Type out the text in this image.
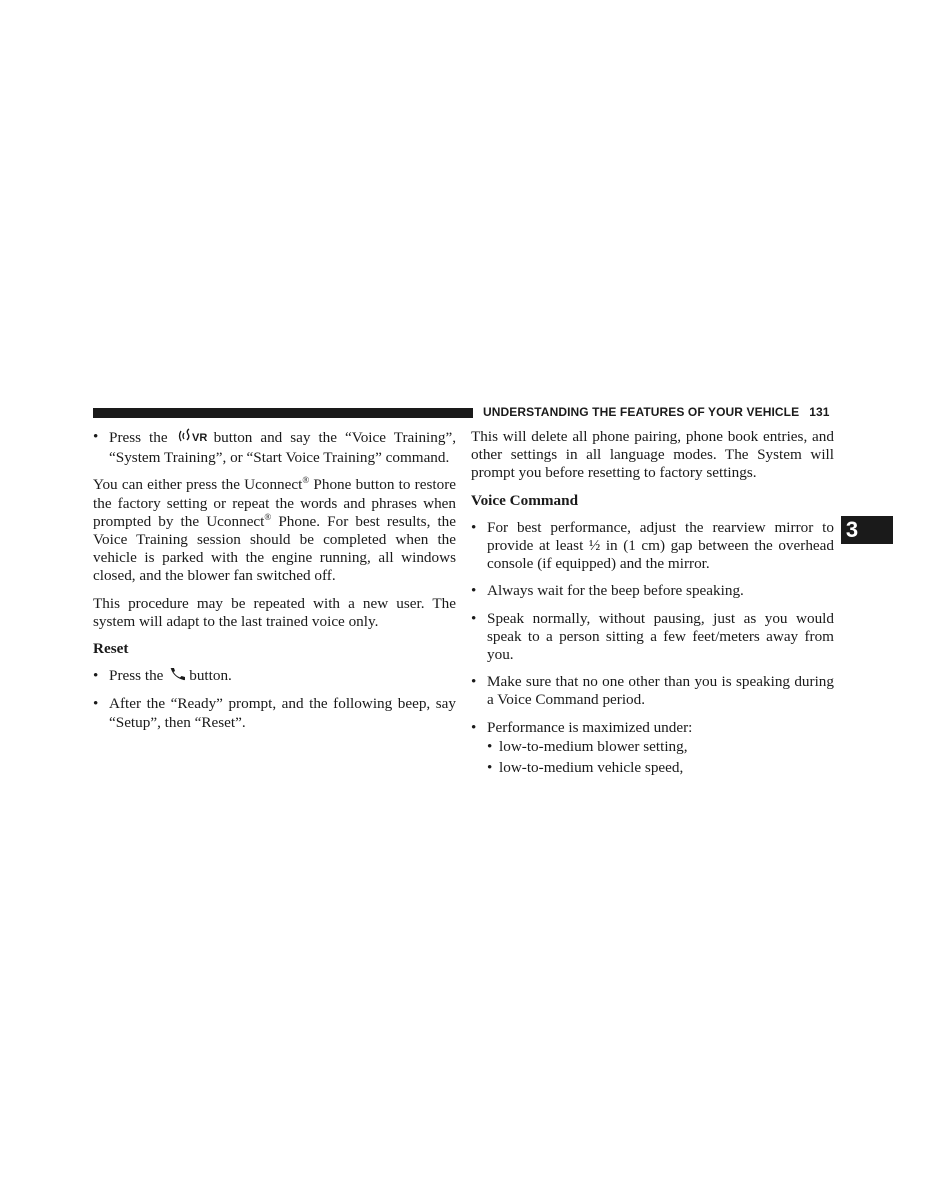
UNDERSTANDING THE FEATURES OF YOUR VEHICLE 131
3
• Press the VR button and say the “Voice Training”, “System Training”, or “Start Voice Training” command.

You can either press the Uconnect® Phone button to restore the factory setting or repeat the words and phrases when prompted by the Uconnect® Phone. For best results, the Voice Training session should be completed when the vehicle is parked with the engine running, all windows closed, and the blower fan switched off.

This procedure may be repeated with a new user. The system will adapt to the last trained voice only.

Reset
• Press the button.
• After the “Ready” prompt, and the following beep, say “Setup”, then “Reset”.

This will delete all phone pairing, phone book entries, and other settings in all language modes. The System will prompt you before resetting to factory settings.

Voice Command
• For best performance, adjust the rearview mirror to provide at least ½ in (1 cm) gap between the overhead console (if equipped) and the mirror.
• Always wait for the beep before speaking.
• Speak normally, without pausing, just as you would speak to a person sitting a few feet/meters away from you.
• Make sure that no one other than you is speaking during a Voice Command period.
• Performance is maximized under:
• low-to-medium blower setting,
• low-to-medium vehicle speed,
